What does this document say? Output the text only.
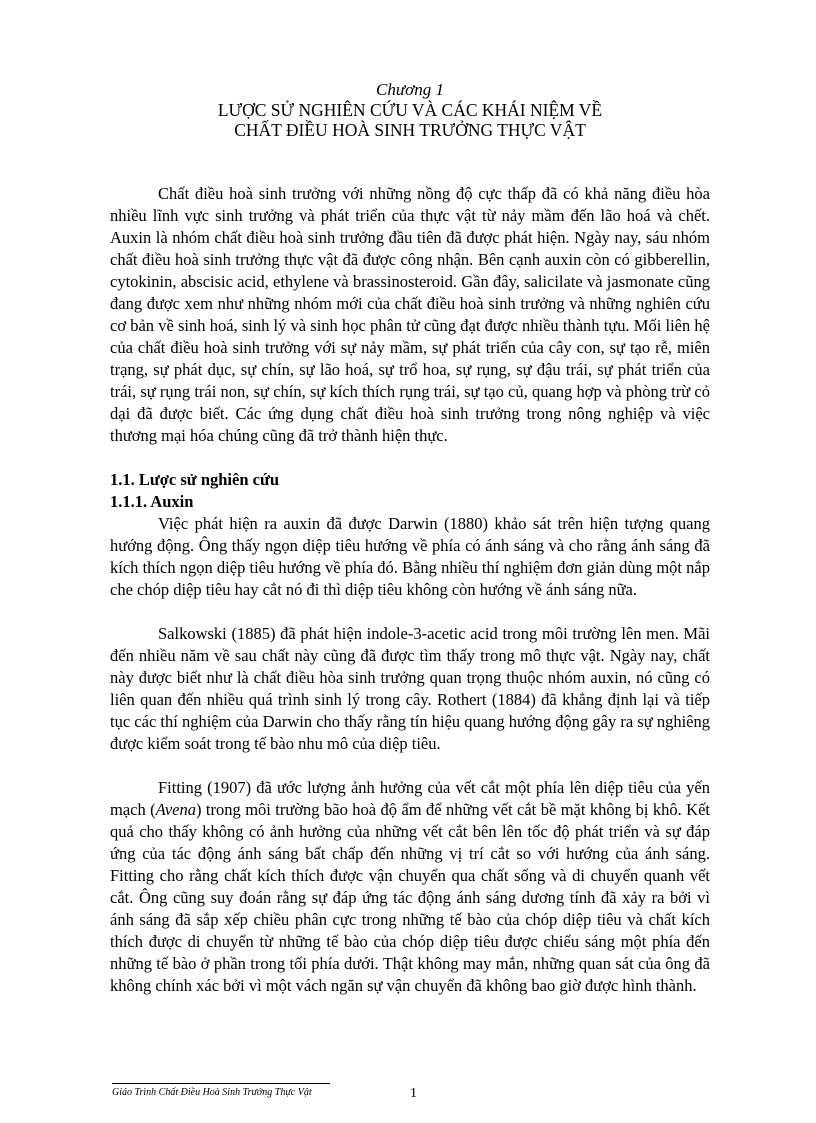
Chương 1

LƯỢC SỬ NGHIÊN CỨU VÀ CÁC KHÁI NIỆM VỀ

CHẤT ĐIỀU HOÀ SINH TRƯỞNG THỰC VẬT

Chất điều hoà sinh trưởng với những nồng độ cực thấp đã có khả năng điều hòa nhiều lĩnh vực sinh trưởng và phát triển của thực vật từ nảy mầm đến lão hoá và chết. Auxin là nhóm chất điều hoà sinh trưởng đầu tiên đã được phát hiện. Ngày nay, sáu nhóm chất điều hoà sinh trưởng thực vật đã được công nhận. Bên cạnh auxin còn có gibberellin, cytokinin, abscisic acid, ethylene và brassinosteroid. Gần đây, salicilate và jasmonate cũng đang được xem như những nhóm mới của chất điều hoà sinh trưởng và những nghiên cứu cơ bản về sinh hoá, sinh lý và sinh học phân tử cũng đạt được nhiều thành tựu. Mối liên hệ của chất điều hoà sinh trưởng với sự nảy mầm, sự phát triển của cây con, sự tạo rễ, miên trạng, sự phát dục, sự chín, sự lão hoá, sự trổ hoa, sự rụng, sự đậu trái, sự phát triển của trái, sự rụng trái non, sự chín, sự kích thích rụng trái, sự tạo củ, quang hợp và phòng trừ cỏ dại đã được biết. Các ứng dụng chất điều hoà sinh trưởng trong nông nghiệp và việc thương mại hóa chúng cũng đã trở thành hiện thực.

1.1. Lược sử nghiên cứu

1.1.1. Auxin

Việc phát hiện ra auxin đã được Darwin (1880) khảo sát trên hiện tượng quang hướng động. Ông thấy ngọn diệp tiêu hướng về phía có ánh sáng và cho rằng ánh sáng đã kích thích ngọn diệp tiêu hướng về phía đó. Bằng nhiều thí nghiệm đơn giản dùng một nắp che chóp diệp tiêu hay cắt nó đi thì diệp tiêu không còn hướng về ánh sáng nữa.

Salkowski (1885) đã phát hiện indole-3-acetic acid trong môi trường lên men. Mãi đến nhiều năm về sau chất này cũng đã được tìm thấy trong mô thực vật. Ngày nay, chất này được biết như là chất điều hòa sinh trưởng quan trọng thuộc nhóm auxin, nó cũng có liên quan đến nhiều quá trình sinh lý trong cây. Rothert (1884) đã khẳng định lại và tiếp tục các thí nghiệm của Darwin cho thấy rằng tín hiệu quang hướng động gây ra sự nghiêng được kiểm soát trong tế bào nhu mô của diệp tiêu.

Fitting (1907) đã ước lượng ảnh hưởng của vết cắt một phía lên diệp tiêu của yến mạch (Avena) trong môi trường bão hoà độ ẩm để những vết cắt bề mặt không bị khô. Kết quả cho thấy không có ảnh hưởng của những vết cắt bên lên tốc độ phát triển và sự đáp ứng của tác động ánh sáng bất chấp đến những vị trí cắt so với hướng của ánh sáng. Fitting cho rằng chất kích thích được vận chuyển qua chất sống và di chuyển quanh vết cắt. Ông cũng suy đoán rằng sự đáp ứng tác động ánh sáng dương tính đã xảy ra bởi vì ánh sáng đã sắp xếp chiều phân cực trong những tế bào của chóp diệp tiêu và chất kích thích được di chuyển từ những tế bào của chóp diệp tiêu được chiếu sáng một phía đến những tế bào ở phần trong tối phía dưới. Thật không may mắn, những quan sát của ông đã không chính xác bởi vì một vách ngăn sự vận chuyển đã không bao giờ được hình thành.

Giáo Trình Chất Điều Hoà Sinh Trưởng Thực Vật	1
